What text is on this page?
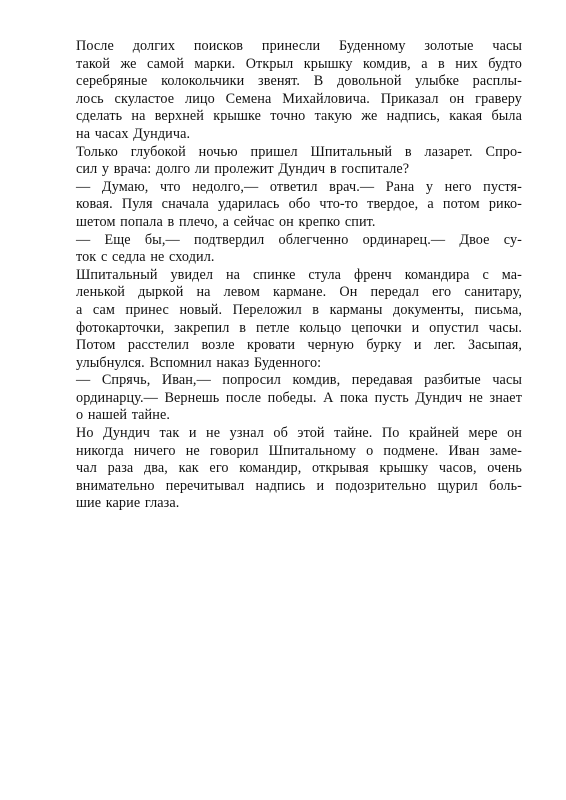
После долгих поисков принесли Буденному золотые часы
такой же самой марки. Открыл крышку комдив, а в них будто
серебряные колокольчики звенят. В довольной улыбке расплы-
лось скуластое лицо Семена Михайловича. Приказал он граверу
сделать на верхней крышке точно такую же надпись, какая была
на часах Дундича.
Только глубокой ночью пришел Шпитальный в лазарет. Спро-
сил у врача: долго ли пролежит Дундич в госпитале?
— Думаю, что недолго,— ответил врач.— Рана у него пустя-
ковая. Пуля сначала ударилась обо что-то твердое, а потом рико-
шетом попала в плечо, а сейчас он крепко спит.
— Еще бы,— подтвердил облегченно ординарец.— Двое су-
ток с седла не сходил.
Шпитальный увидел на спинке стула френч командира с ма-
ленькой дыркой на левом кармане. Он передал его санитару,
а сам принес новый. Переложил в карманы документы, письма,
фотокарточки, закрепил в петле кольцо цепочки и опустил часы.
Потом расстелил возле кровати черную бурку и лег. Засыпая,
улыбнулся. Вспомнил наказ Буденного:
— Спрячь, Иван,— попросил комдив, передавая разбитые часы
ординарцу.— Вернешь после победы. А пока пусть Дундич не знает
о нашей тайне.
Но Дундич так и не узнал об этой тайне. По крайней мере он
никогда ничего не говорил Шпитальному о подмене. Иван заме-
чал раза два, как его командир, открывая крышку часов, очень
внимательно перечитывал надпись и подозрительно щурил боль-
шие карие глаза.
